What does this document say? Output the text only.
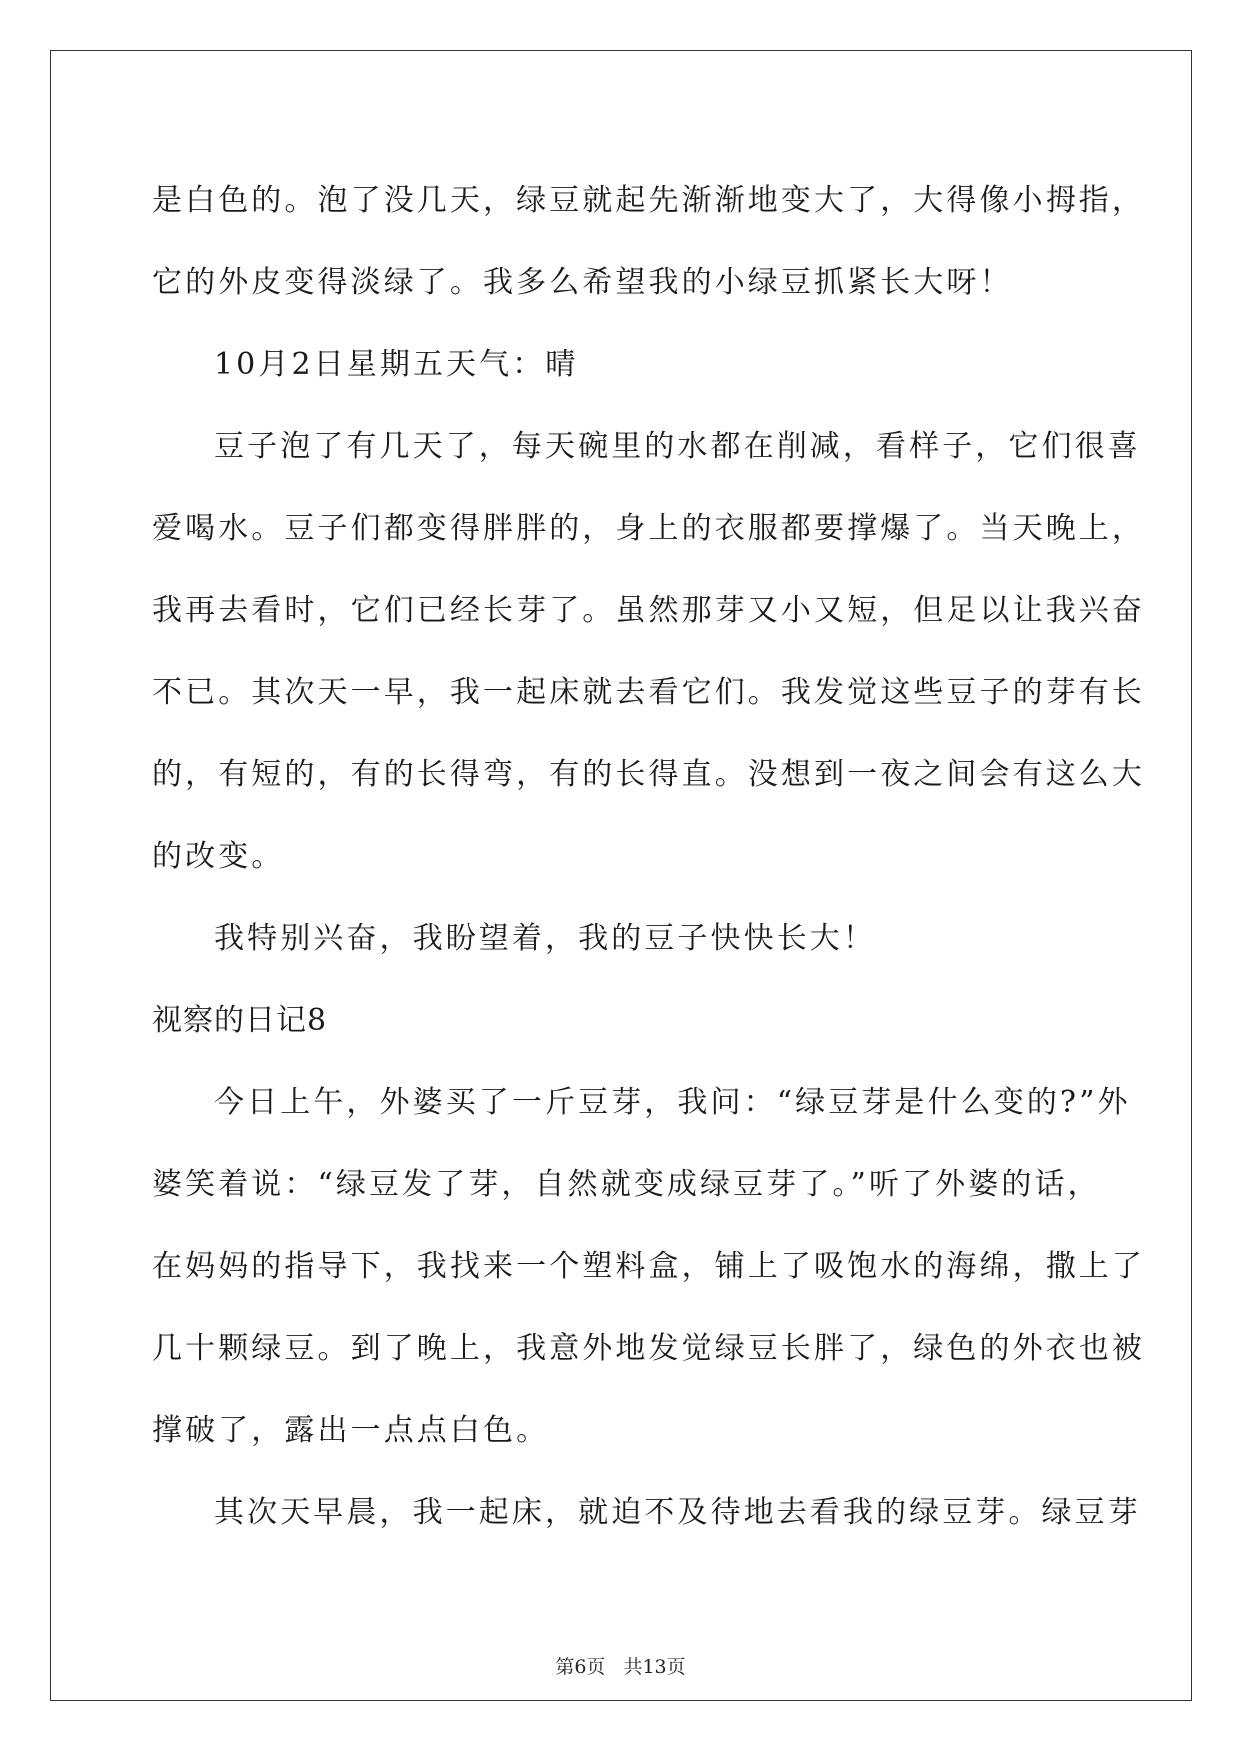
是白色的。泡了没几天，绿豆就起先渐渐地变大了，大得像小拇指，
它的外皮变得淡绿了。我多么希望我的小绿豆抓紧长大呀！
10月2日星期五天气：晴
豆子泡了有几天了，每天碗里的水都在削减，看样子，它们很喜
爱喝水。豆子们都变得胖胖的，身上的衣服都要撑爆了。当天晚上，
我再去看时，它们已经长芽了。虽然那芽又小又短，但足以让我兴奋
不已。其次天一早，我一起床就去看它们。我发觉这些豆子的芽有长
的，有短的，有的长得弯，有的长得直。没想到一夜之间会有这么大
的改变。
我特别兴奋，我盼望着，我的豆子快快长大！
视察的日记8
今日上午，外婆买了一斤豆芽，我问：“绿豆芽是什么变的?”外
婆笑着说：“绿豆发了芽，自然就变成绿豆芽了。”听了外婆的话，
在妈妈的指导下，我找来一个塑料盒，铺上了吸饱水的海绵，撒上了
几十颗绿豆。到了晚上，我意外地发觉绿豆长胖了，绿色的外衣也被
撑破了，露出一点点白色。
其次天早晨，我一起床，就迫不及待地去看我的绿豆芽。绿豆芽
第6页 共13页
